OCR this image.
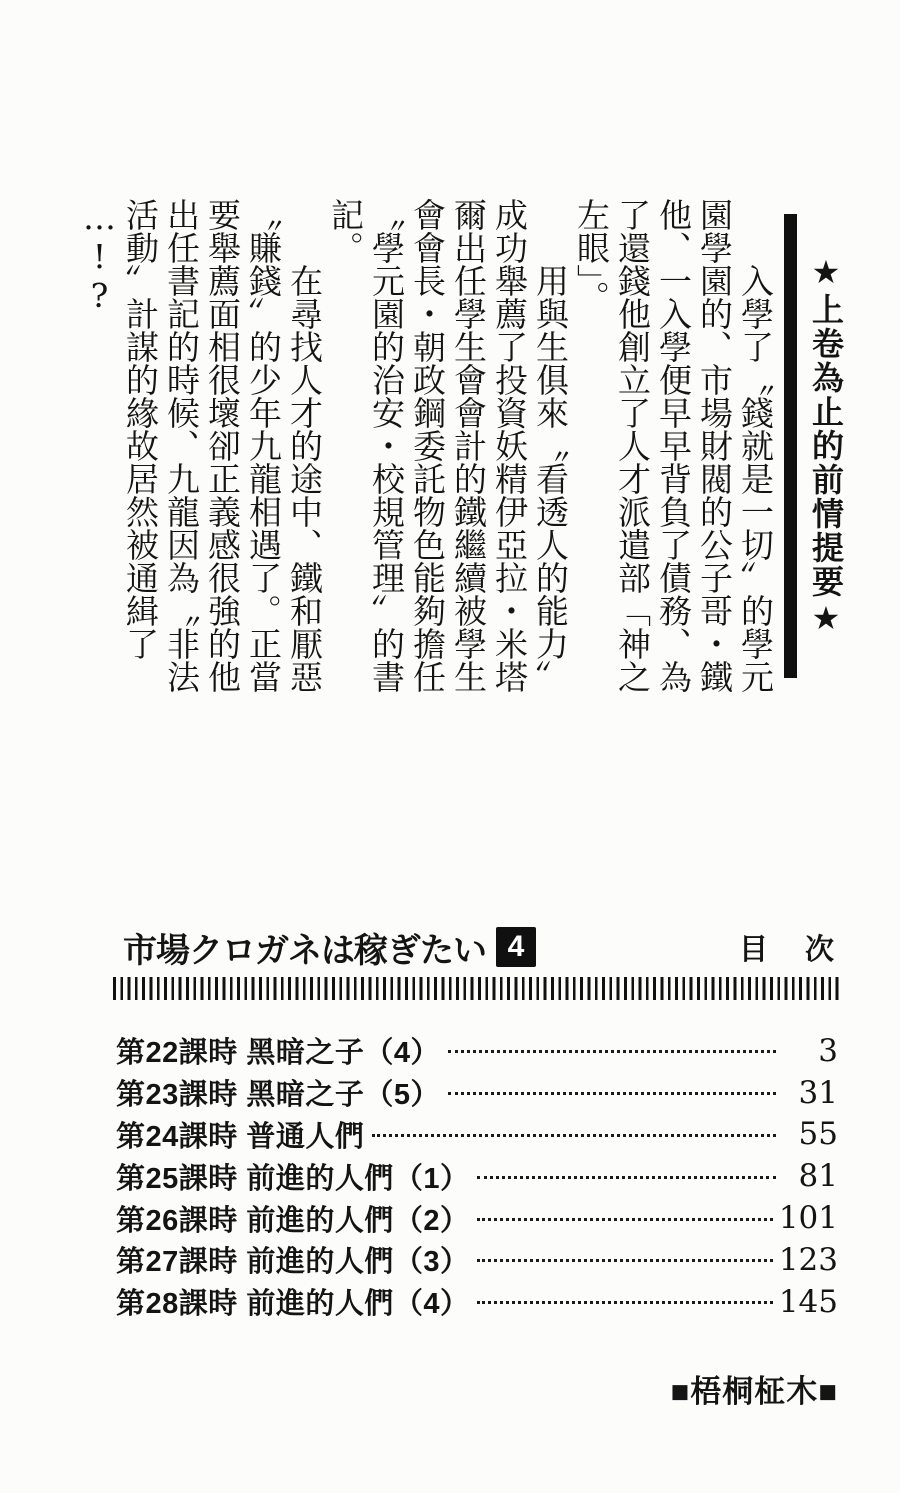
★上卷為止的前情提要★

入學了〝錢就是一切〞的學元園學園的、市場財閥的公子哥・鐵他、一入學便早早背負了債務、為了還錢他創立了人才派遣部「神之左眼」。

用與生俱來〝看透人的能力〞成功舉薦了投資妖精伊亞拉・米塔爾出任學生會會計的鐵繼續被學生會會長・朝政鋼委託物色能夠擔任〝學元園的治安・校規管理〞的書記。

在尋找人才的途中、鐵和厭惡〝賺錢〞的少年九龍相遇了。正當要舉薦面相很壞卻正義感很強的他出任書記的時候、九龍因為〝非法活動〞計謀的緣故居然被通緝了…!?

市場クロガネは稼ぎたい 4	目　次
第22課時 黑暗之子（4）	3
第23課時 黑暗之子（5）	31
第24課時 普通人們	55
第25課時 前進的人們（1）	81
第26課時 前進的人們（2）	101
第27課時 前進的人們（3）	123
第28課時 前進的人們（4）	145
■梧桐柾木■
